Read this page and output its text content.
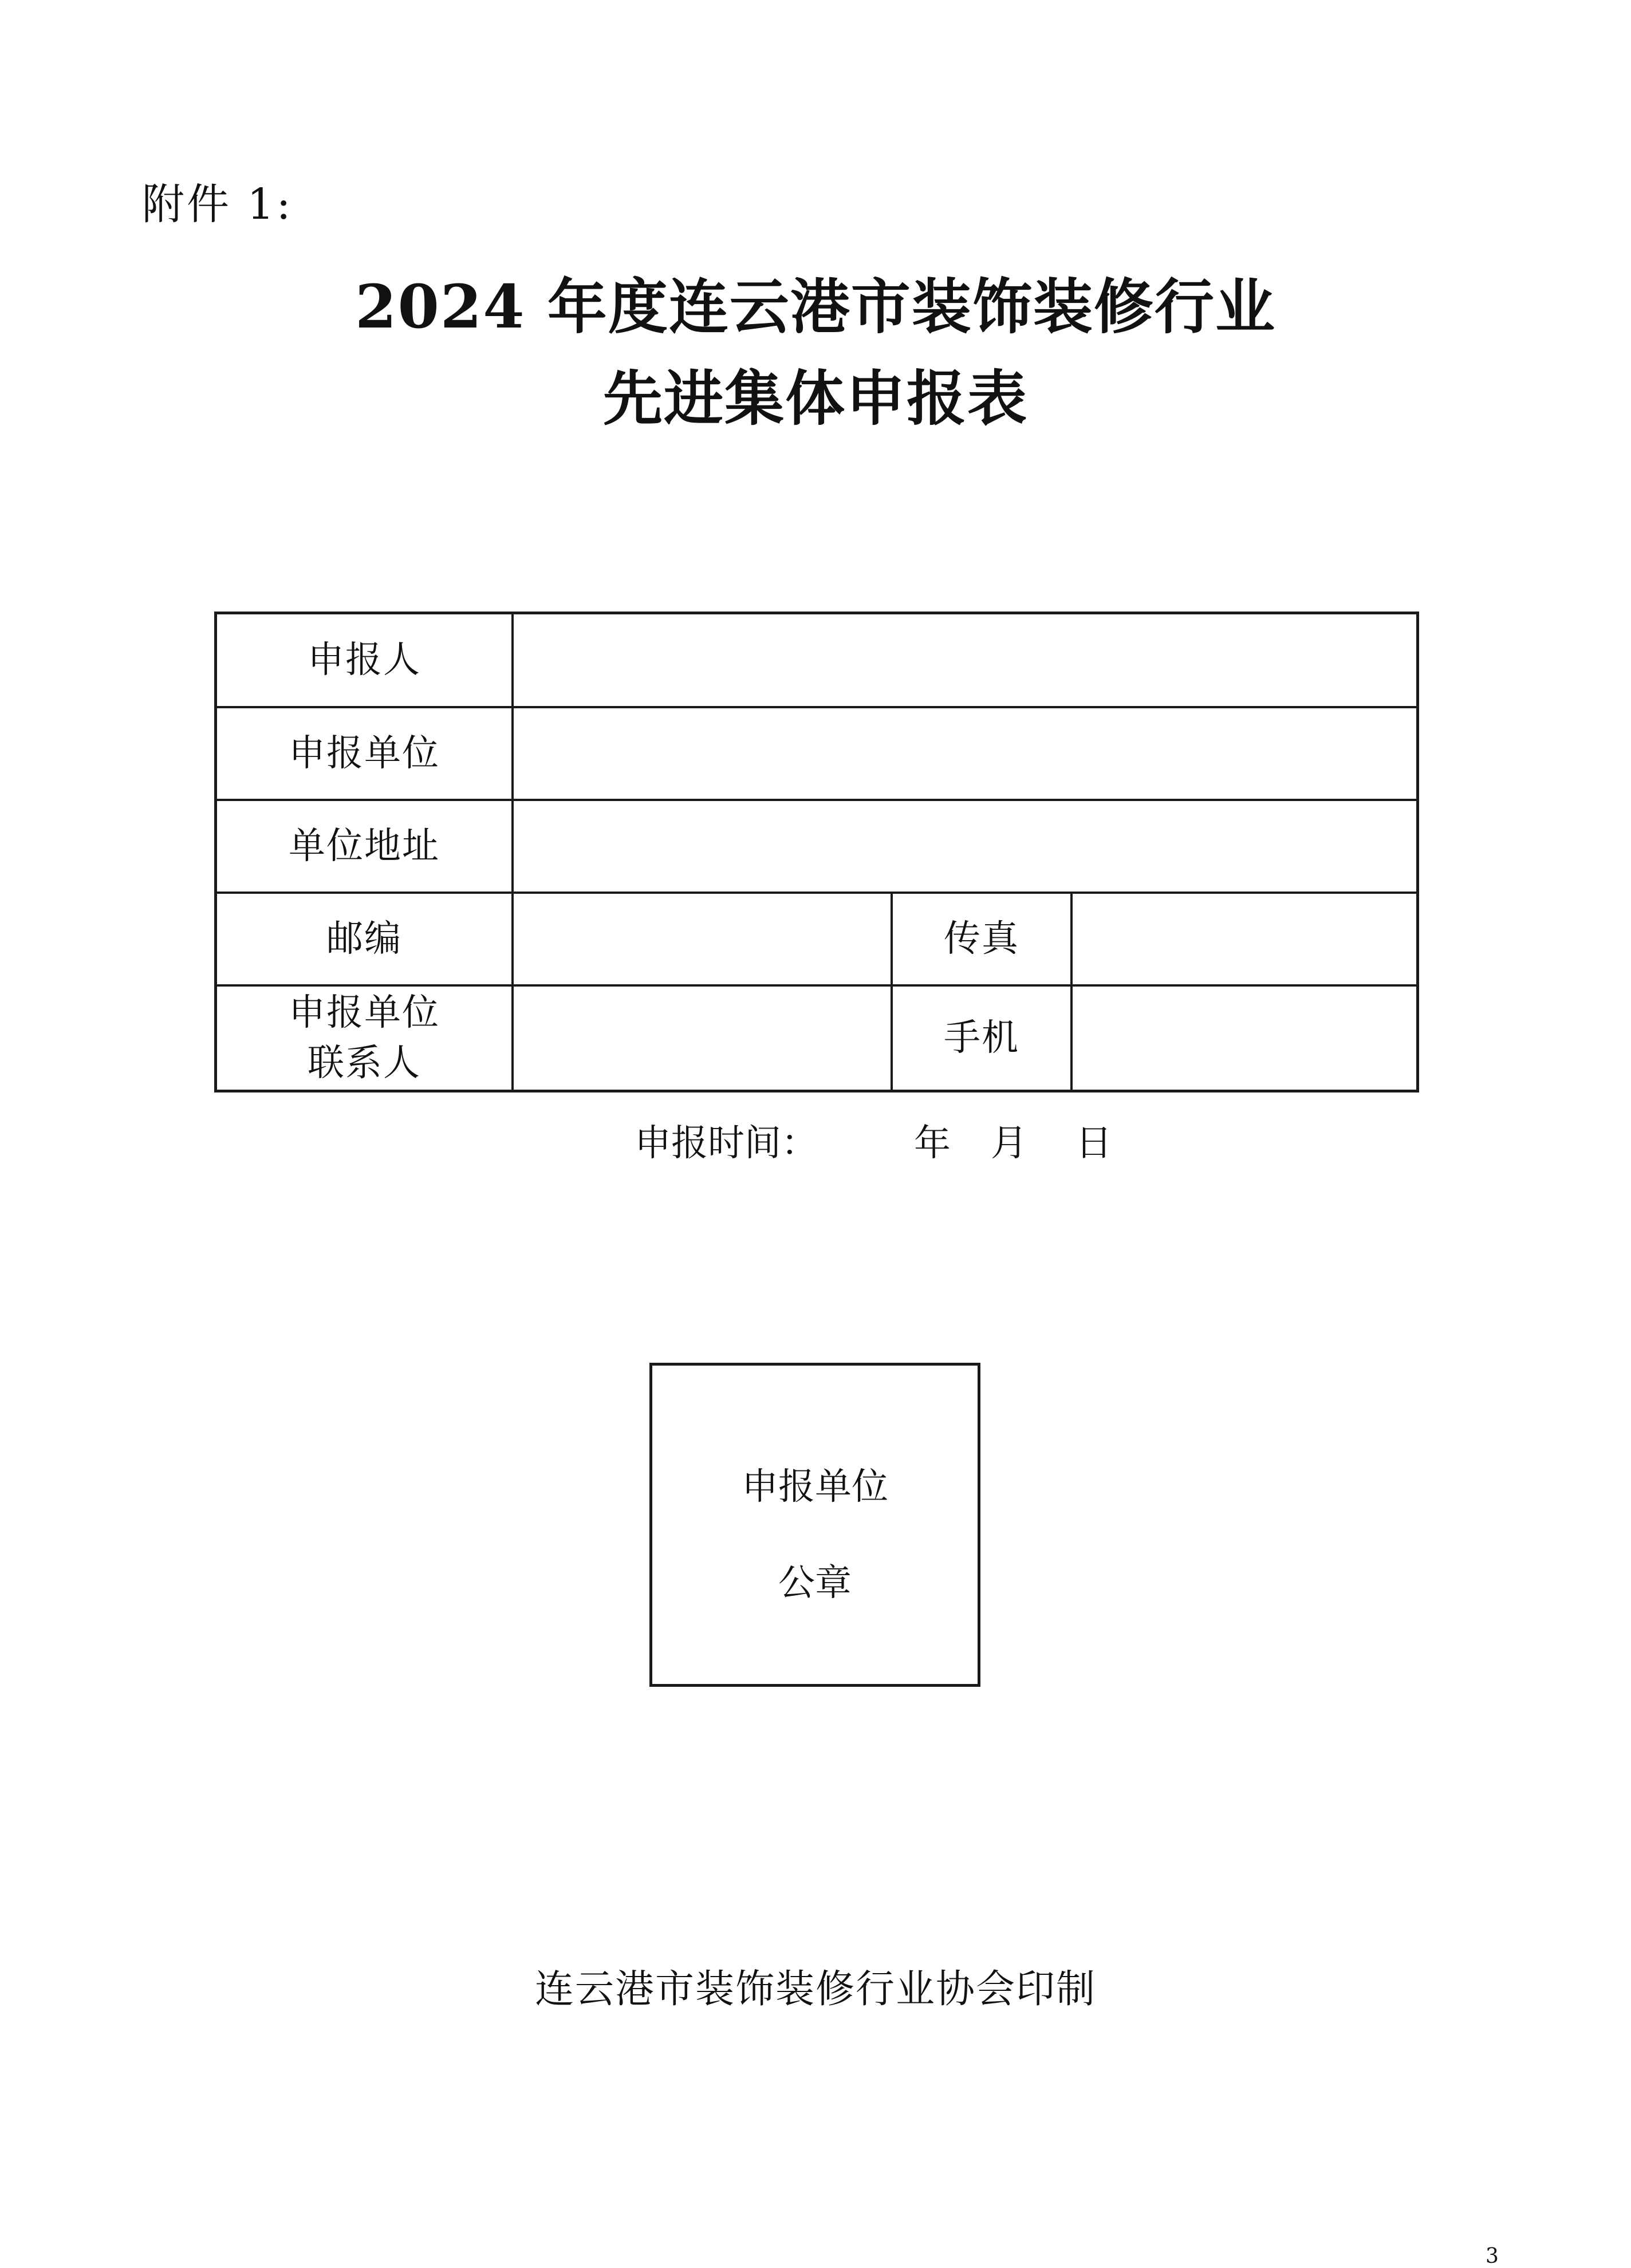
附件 1:
2024 年度连云港市装饰装修行业
先进集体申报表
申报人
申报单位
单位地址
邮编	传真
申报单位
联系人
手机
申报时间：	年 月 日
申报单位
公章
连云港市装饰装修行业协会印制
3
